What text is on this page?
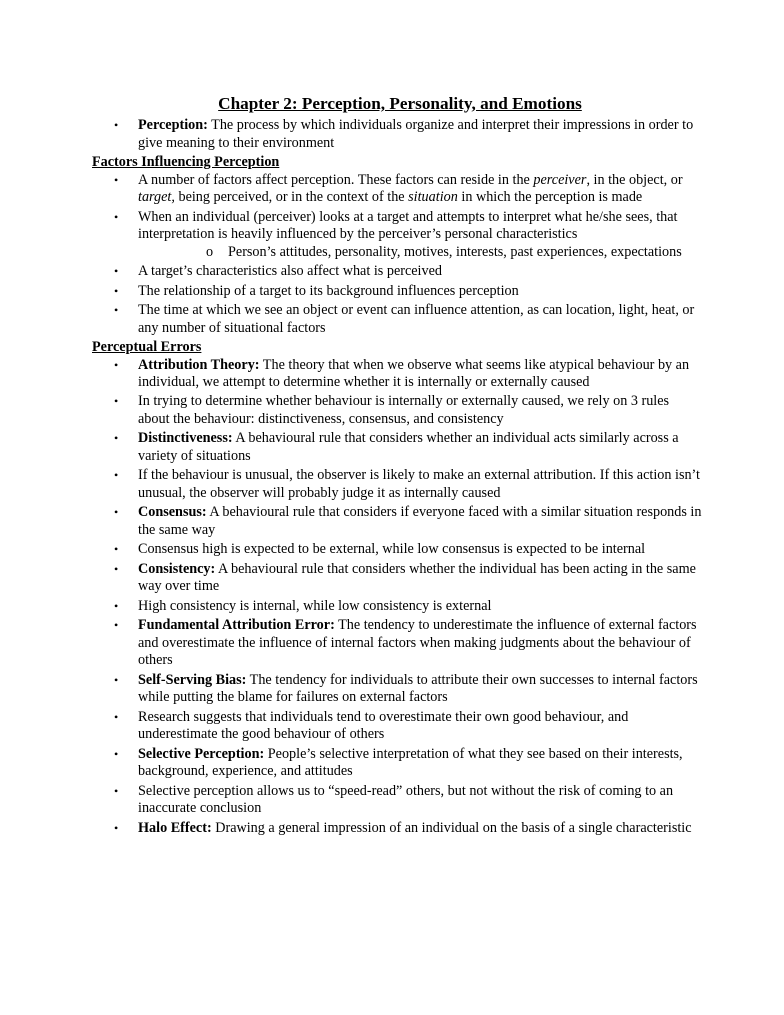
Chapter 2: Perception, Personality, and Emotions
• Perception: The process by which individuals organize and interpret their impressions in order to give meaning to their environment
Factors Influencing Perception
• A number of factors affect perception. These factors can reside in the perceiver, in the object, or target, being perceived, or in the context of the situation in which the perception is made
• When an individual (perceiver) looks at a target and attempts to interpret what he/she sees, that interpretation is heavily influenced by the perceiver’s personal characteristics
o Person’s attitudes, personality, motives, interests, past experiences, expectations
• A target’s characteristics also affect what is perceived
• The relationship of a target to its background influences perception
• The time at which we see an object or event can influence attention, as can location, light, heat, or any number of situational factors
Perceptual Errors
• Attribution Theory: The theory that when we observe what seems like atypical behaviour by an individual, we attempt to determine whether it is internally or externally caused
• In trying to determine whether behaviour is internally or externally caused, we rely on 3 rules about the behaviour: distinctiveness, consensus, and consistency
• Distinctiveness: A behavioural rule that considers whether an individual acts similarly across a variety of situations
• If the behaviour is unusual, the observer is likely to make an external attribution. If this action isn’t unusual, the observer will probably judge it as internally caused
• Consensus: A behavioural rule that considers if everyone faced with a similar situation responds in the same way
• Consensus high is expected to be external, while low consensus is expected to be internal
• Consistency: A behavioural rule that considers whether the individual has been acting in the same way over time
• High consistency is internal, while low consistency is external
• Fundamental Attribution Error: The tendency to underestimate the influence of external factors and overestimate the influence of internal factors when making judgments about the behaviour of others
• Self-Serving Bias: The tendency for individuals to attribute their own successes to internal factors while putting the blame for failures on external factors
• Research suggests that individuals tend to overestimate their own good behaviour, and underestimate the good behaviour of others
• Selective Perception: People’s selective interpretation of what they see based on their interests, background, experience, and attitudes
• Selective perception allows us to “speed-read” others, but not without the risk of coming to an inaccurate conclusion
• Halo Effect: Drawing a general impression of an individual on the basis of a single characteristic
